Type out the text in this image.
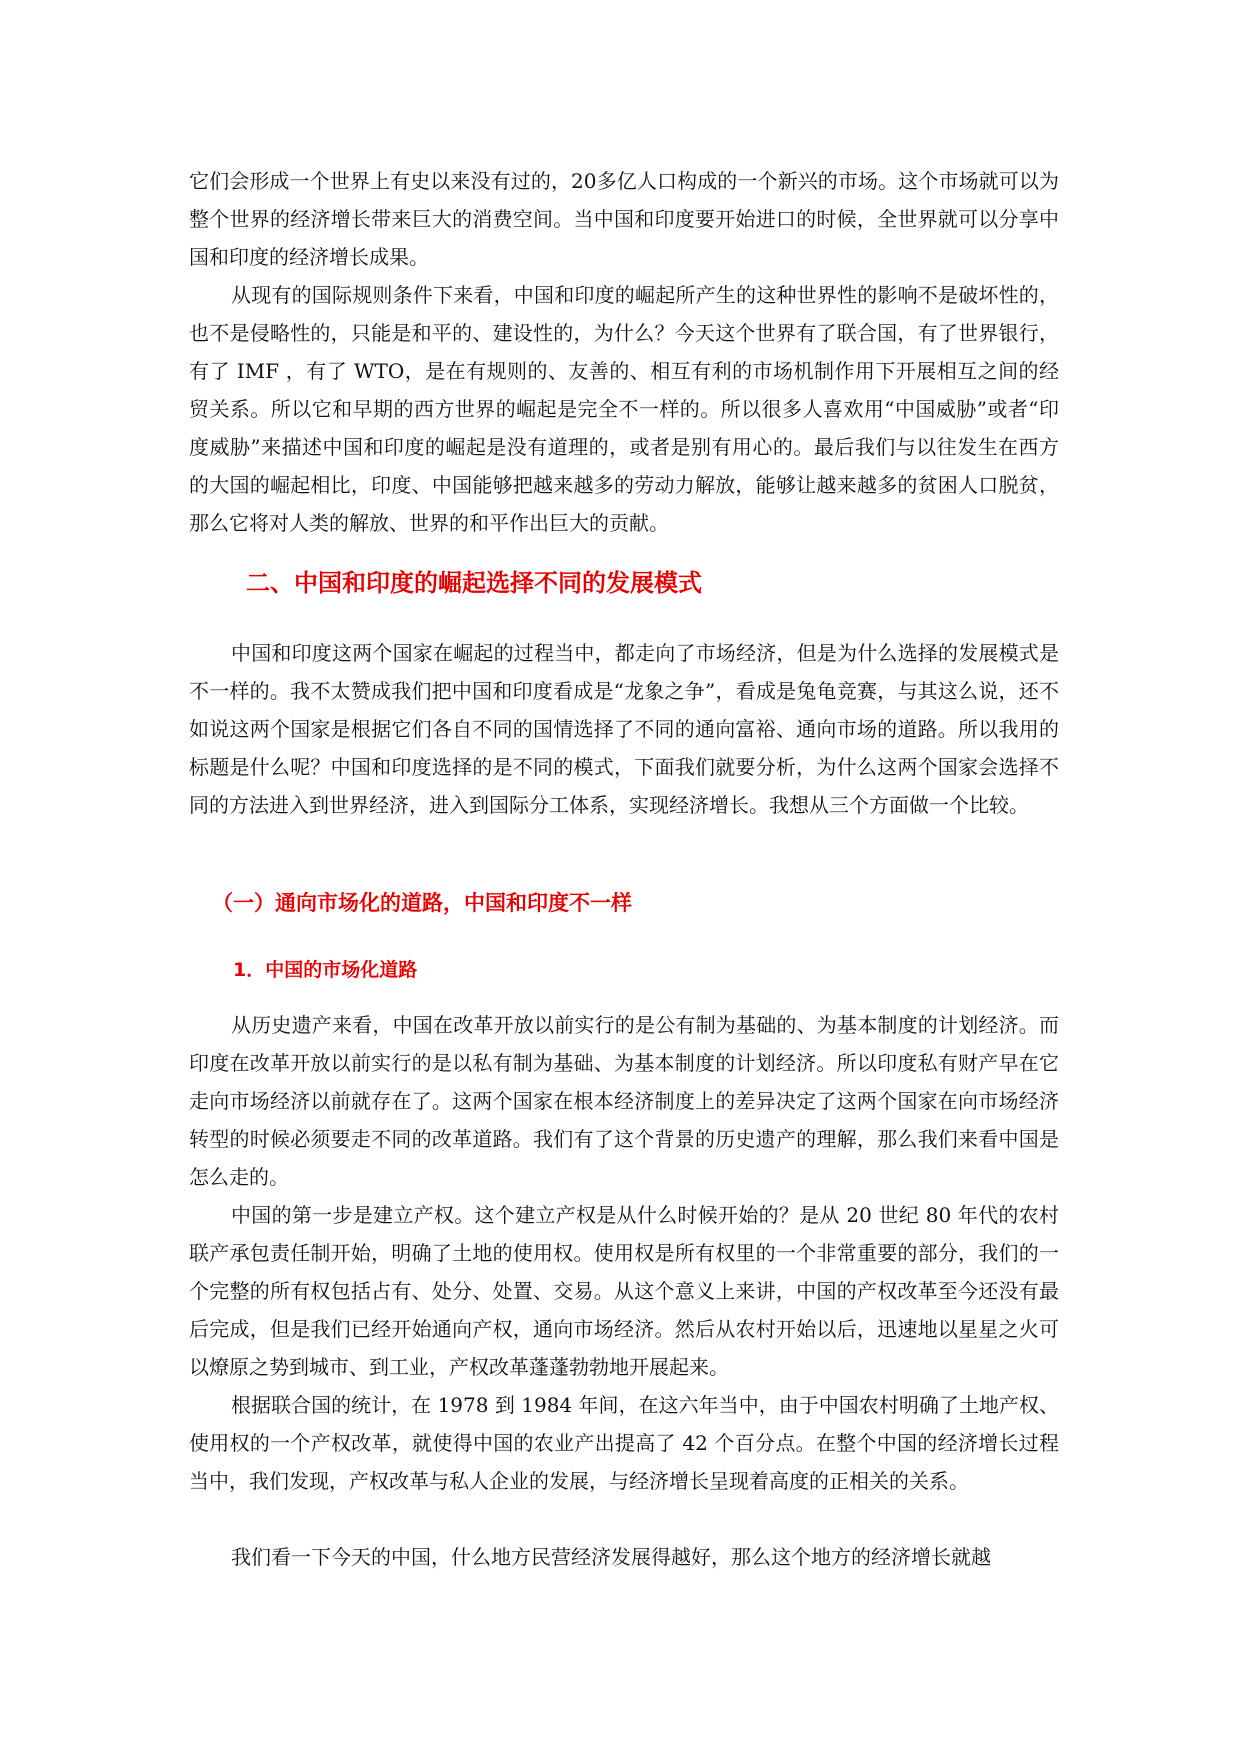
它们会形成一个世界上有史以来没有过的，20多亿人口构成的一个新兴的市场。这个市场就可以为整个世界的经济增长带来巨大的消费空间。当中国和印度要开始进口的时候，全世界就可以分享中国和印度的经济增长成果。

从现有的国际规则条件下来看，中国和印度的崛起所产生的这种世界性的影响不是破坏性的，也不是侵略性的，只能是和平的、建设性的，为什么？今天这个世界有了联合国，有了世界银行，有了 IMF ，有了 WTO，是在有规则的、友善的、相互有利的市场机制作用下开展相互之间的经贸关系。所以它和早期的西方世界的崛起是完全不一样的。所以很多人喜欢用“中国威胁”或者“印度威胁”来描述中国和印度的崛起是没有道理的，或者是别有用心的。最后我们与以往发生在西方的大国的崛起相比，印度、中国能够把越来越多的劳动力解放，能够让越来越多的贫困人口脱贫，那么它将对人类的解放、世界的和平作出巨大的贡献。

二、中国和印度的崛起选择不同的发展模式

中国和印度这两个国家在崛起的过程当中，都走向了市场经济，但是为什么选择的发展模式是不一样的。我不太赞成我们把中国和印度看成是“龙象之争”，看成是兔龟竞赛，与其这么说，还不如说这两个国家是根据它们各自不同的国情选择了不同的通向富裕、通向市场的道路。所以我用的标题是什么呢？中国和印度选择的是不同的模式，下面我们就要分析，为什么这两个国家会选择不同的方法进入到世界经济，进入到国际分工体系，实现经济增长。我想从三个方面做一个比较。

（一）通向市场化的道路，中国和印度不一样
1．中国的市场化道路

从历史遗产来看，中国在改革开放以前实行的是公有制为基础的、为基本制度的计划经济。而印度在改革开放以前实行的是以私有制为基础、为基本制度的计划经济。所以印度私有财产早在它走向市场经济以前就存在了。这两个国家在根本经济制度上的差异决定了这两个国家在向市场经济转型的时候必须要走不同的改革道路。我们有了这个背景的历史遗产的理解，那么我们来看中国是怎么走的。

中国的第一步是建立产权。这个建立产权是从什么时候开始的？是从 20 世纪 80 年代的农村联产承包责任制开始，明确了土地的使用权。使用权是所有权里的一个非常重要的部分，我们的一个完整的所有权包括占有、处分、处置、交易。从这个意义上来讲，中国的产权改革至今还没有最后完成，但是我们已经开始通向产权，通向市场经济。然后从农村开始以后，迅速地以星星之火可以燎原之势到城市、到工业，产权改革蓬蓬勃勃地开展起来。

根据联合国的统计，在 1978 到 1984 年间，在这六年当中，由于中国农村明确了土地产权、使用权的一个产权改革，就使得中国的农业产出提高了 42 个百分点。在整个中国的经济增长过程当中，我们发现，产权改革与私人企业的发展，与经济增长呈现着高度的正相关的关系。

我们看一下今天的中国，什么地方民营经济发展得越好，那么这个地方的经济增长就越
